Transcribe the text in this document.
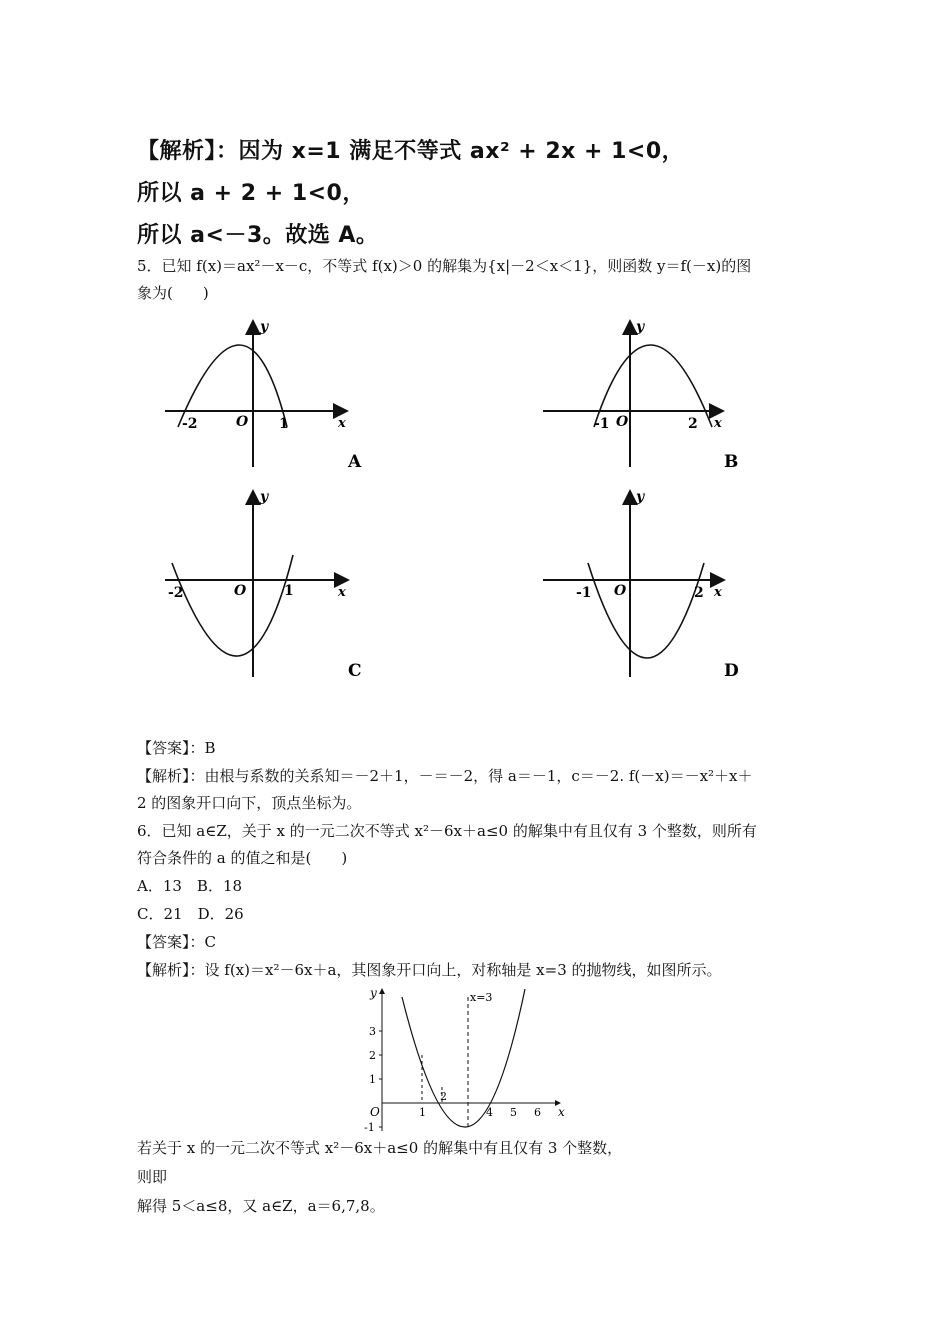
【解析】：因为 x=1 满足不等式 ax² + 2x + 1<0，
所以 a + 2 + 1<0，
所以 a<－3。故选 A。
5．已知 f(x)＝ax²－x－c，不等式 f(x)＞0 的解集为{x|－2＜x＜1}，则函数 y＝f(－x)的图
象为(　　)
y
x
O
-2	1
A
y
x
O
-1	2
B
y
x
O
-2	1
C
y
x
O
-1	2
D
【答案】：B
【解析】：由根与系数的关系知＝－2＋1，－＝－2，得 a＝－1，c＝－2. f(－x)＝－x²＋x＋
2 的图象开口向下，顶点坐标为。
6．已知 a∈Z，关于 x 的一元二次不等式 x²－6x＋a≤0 的解集中有且仅有 3 个整数，则所有
符合条件的 a 的值之和是(　　)
A．13　B．18
C．21　D．26
【答案】：C
【解析】：设 f(x)＝x²－6x＋a，其图象开口向上，对称轴是 x=3 的抛物线，如图所示。
y
x
x=3
O
2
3
2
1
-1
1	4 5 6
若关于 x 的一元二次不等式 x²－6x＋a≤0 的解集中有且仅有 3 个整数，
则即
解得 5＜a≤8，又 a∈Z，a＝6,7,8。
